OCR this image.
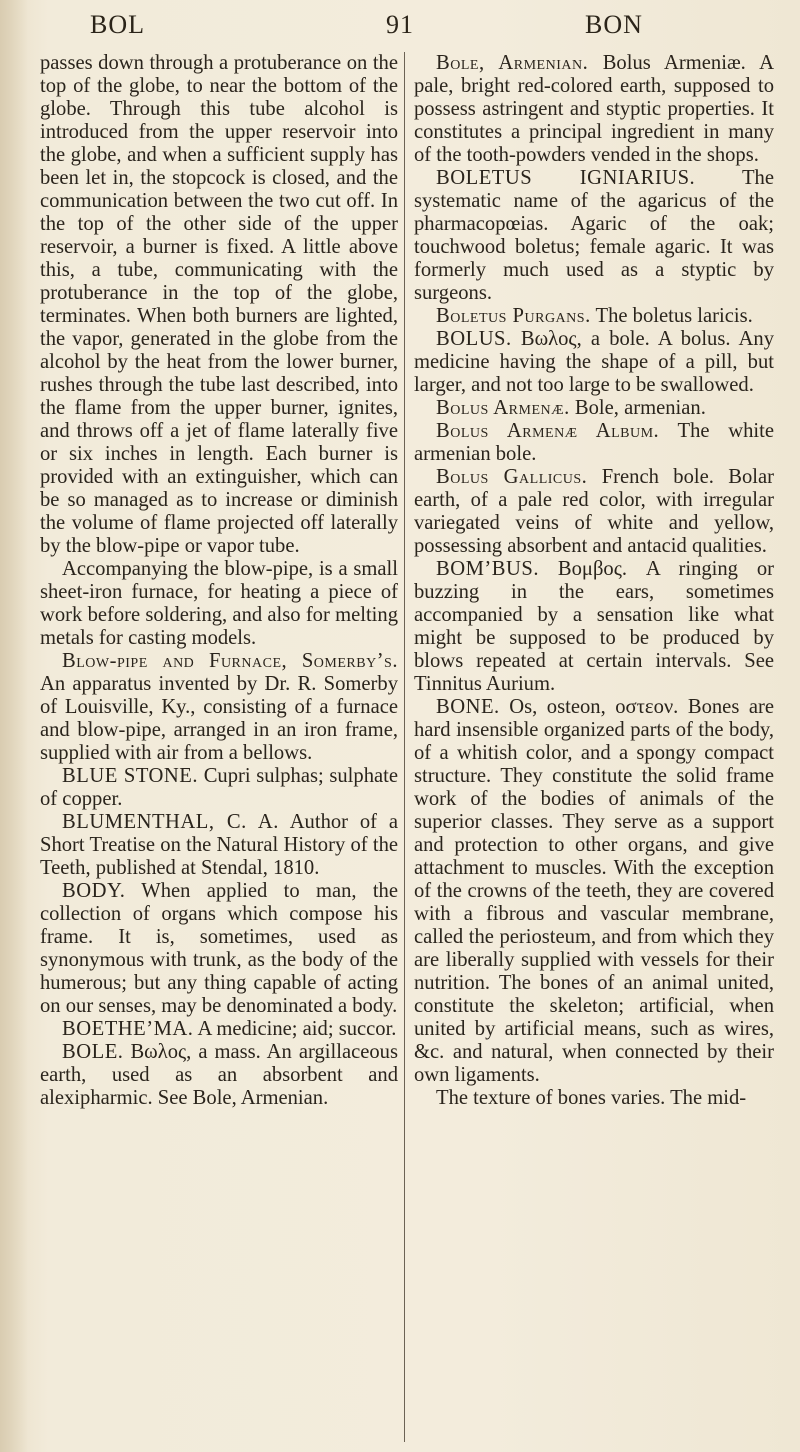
BOL	91	BON

passes down through a protuberance on the top of the globe, to near the bottom of the globe. Through this tube alcohol is introduced from the upper reservoir into the globe, and when a sufficient supply has been let in, the stopcock is closed, and the communication between the two cut off. In the top of the other side of the upper reservoir, a burner is fixed. A little above this, a tube, communicating with the protuberance in the top of the globe, terminates. When both burners are lighted, the vapor, generated in the globe from the alcohol by the heat from the lower burner, rushes through the tube last described, into the flame from the upper burner, ignites, and throws off a jet of flame laterally five or six inches in length. Each burner is provided with an extinguisher, which can be so managed as to increase or diminish the volume of flame projected off laterally by the blow-pipe or vapor tube.

Accompanying the blow-pipe, is a small sheet-iron furnace, for heating a piece of work before soldering, and also for melting metals for casting models.

Blow-pipe and Furnace, Somerby’s. An apparatus invented by Dr. R. Somerby of Louisville, Ky., consisting of a furnace and blow-pipe, arranged in an iron frame, supplied with air from a bellows.

BLUE STONE. Cupri sulphas; sulphate of copper.

BLUMENTHAL, C. A. Author of a Short Treatise on the Natural History of the Teeth, published at Stendal, 1810.

BODY. When applied to man, the collection of organs which compose his frame. It is, sometimes, used as synonymous with trunk, as the body of the humerous; but any thing capable of acting on our senses, may be denominated a body.

BOETHE’MA. A medicine; aid; succor.

BOLE. Βωλος, a mass. An argillaceous earth, used as an absorbent and alexipharmic. See Bole, Armenian.

Bole, Armenian. Bolus Armeniæ. A pale, bright red-colored earth, supposed to possess astringent and styptic properties. It constitutes a principal ingredient in many of the tooth-powders vended in the shops.

BOLETUS IGNIARIUS. The systematic name of the agaricus of the pharmacopœias. Agaric of the oak; touchwood boletus; female agaric. It was formerly much used as a styptic by surgeons.

Boletus Purgans. The boletus laricis.

BOLUS. Βωλος, a bole. A bolus. Any medicine having the shape of a pill, but larger, and not too large to be swallowed.

Bolus Armenæ. Bole, armenian.

Bolus Armenæ Album. The white armenian bole.

Bolus Gallicus. French bole. Bolar earth, of a pale red color, with irregular variegated veins of white and yellow, possessing absorbent and antacid qualities.

BOM’BUS. Βομβος. A ringing or buzzing in the ears, sometimes accompanied by a sensation like what might be supposed to be produced by blows repeated at certain intervals. See Tinnitus Aurium.

BONE. Os, osteon, οστεον. Bones are hard insensible organized parts of the body, of a whitish color, and a spongy compact structure. They constitute the solid frame work of the bodies of animals of the superior classes. They serve as a support and protection to other organs, and give attachment to muscles. With the exception of the crowns of the teeth, they are covered with a fibrous and vascular membrane, called the periosteum, and from which they are liberally supplied with vessels for their nutrition. The bones of an animal united, constitute the skeleton; artificial, when united by artificial means, such as wires, &c. and natural, when connected by their own ligaments.

The texture of bones varies. The mid-
